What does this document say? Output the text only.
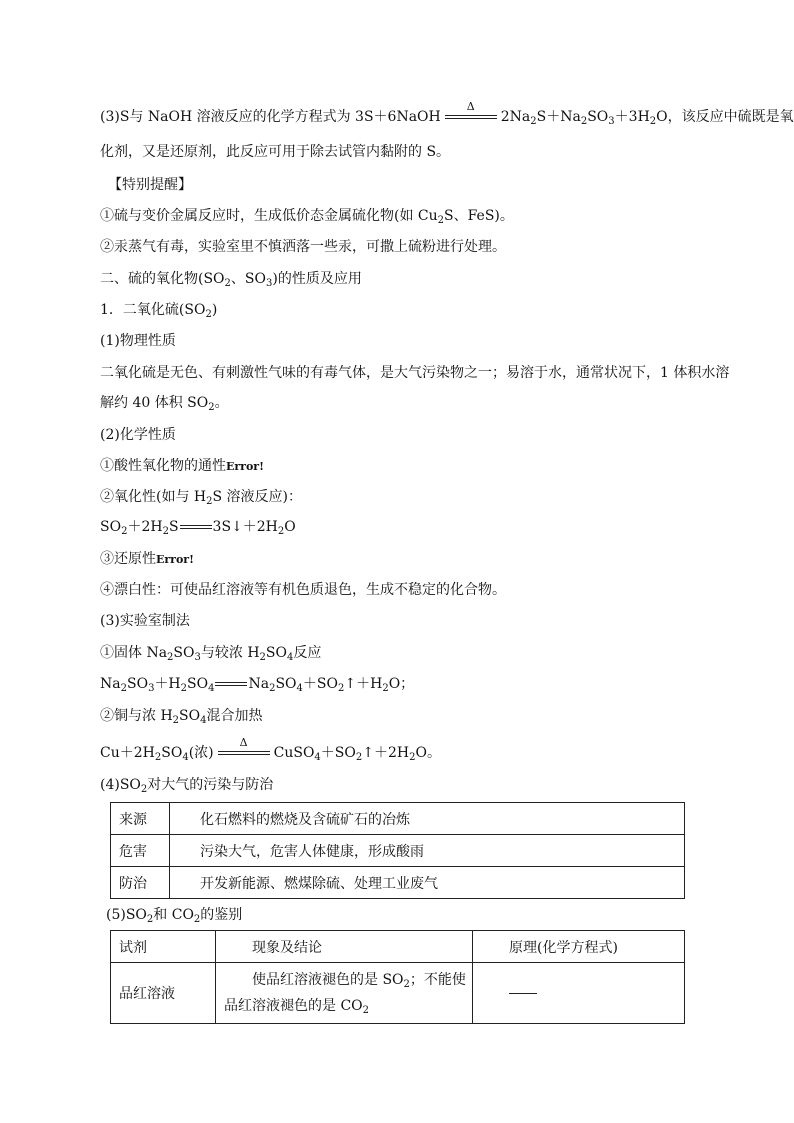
(3)S与 NaOH 溶液反应的化学方程式为 3S＋6NaOH
Δ
$2Na_2S+Na_2SO_3+3H_2O$，该反应中硫既是氧
化剂，又是还原剂，此反应可用于除去试管内黏附的 S。
【特别提醒】
①硫与变价金属反应时，生成低价态金属硫化物(如 $Cu_2S$、FeS)。
②汞蒸气有毒，实验室里不慎洒落一些汞，可撒上硫粉进行处理。
二、硫的氧化物($SO_2$、$SO_3$)的性质及应用
1．二氧化硫$(SO_2)$
(1)物理性质
二氧化硫是无色、有刺激性气味的有毒气体，是大气污染物之一；易溶于水，通常状况下，1 体积水溶
解约 40 体积 $SO_2$。
(2)化学性质
①酸性氧化物的通性Error!
②氧化性(如与 $H_2S$ 溶液反应)：
$SO_2+2H_2S$ $3S↓+2H_2O$
③还原性Error!
④漂白性：可使品红溶液等有机色质退色，生成不稳定的化合物。
(3)实验室制法
①固体 $Na_2SO_3$与较浓 $H_2SO_4$反应
$Na_2SO_3+H_2SO_4$ $Na_2SO_4+SO_2↑+H_2O$；
②铜与浓 $H_2SO_4$混合加热
$Cu+2H_2SO_4$(浓)
Δ
$CuSO_4+SO_2↑+2H_2O$。
$(4)SO_2$对大气的污染与防治
来源	化石燃料的燃烧及含硫矿石的冶炼
危害	污染大气，危害人体健康，形成酸雨
防治	开发新能源、燃煤除硫、处理工业废气
$(5)SO_2$和 $CO_2$的鉴别
试剂	现象及结论	原理(化学方程式)
品红溶液	使品红溶液褪色的是 $SO_2$；不能使
品红溶液褪色的是 $CO_2$
